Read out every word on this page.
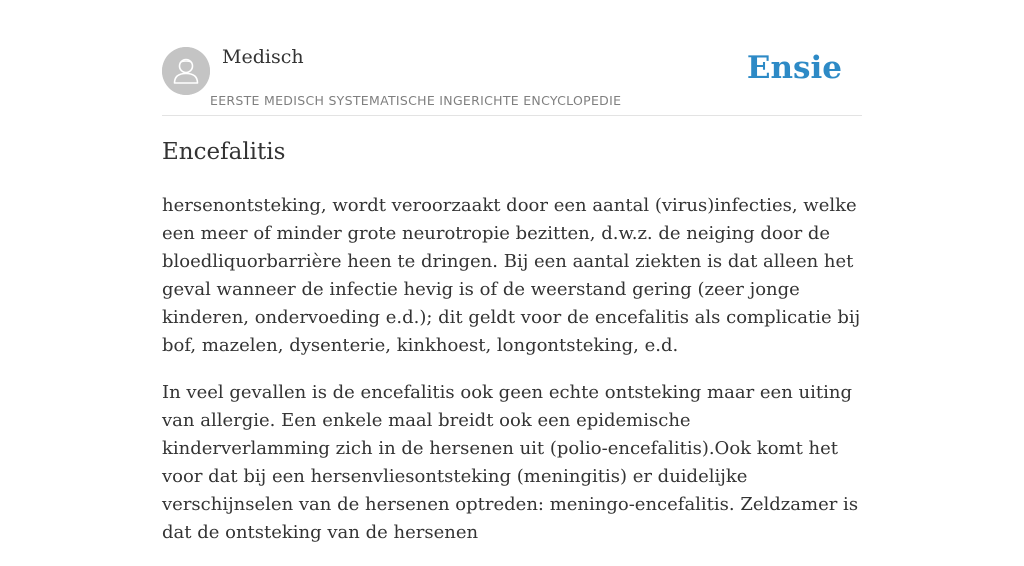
Medisch
EERSTE MEDISCH SYSTEMATISCHE INGERICHTE ENCYCLOPEDIE
Ensie
Encefalitis

hersenontsteking, wordt veroorzaakt door een aantal (virus)infecties, welke een meer of minder grote neurotropie bezitten, d.w.z. de neiging door de bloedliquorbarrière heen te dringen. Bij een aantal ziekten is dat alleen het geval wanneer de infectie hevig is of de weerstand gering (zeer jonge kinderen, ondervoeding e.d.); dit geldt voor de encefalitis als complicatie bij bof, mazelen, dysenterie, kinkhoest, longontsteking, e.d.

In veel gevallen is de encefalitis ook geen echte ontsteking maar een uiting van allergie. Een enkele maal breidt ook een epidemische kinderverlamming zich in de hersenen uit (polio-encefalitis).Ook komt het voor dat bij een hersenvliesontsteking (meningitis) er duidelijke verschijnselen van de hersenen optreden: meningo-encefalitis. Zeldzamer is dat de ontsteking van de hersenen
